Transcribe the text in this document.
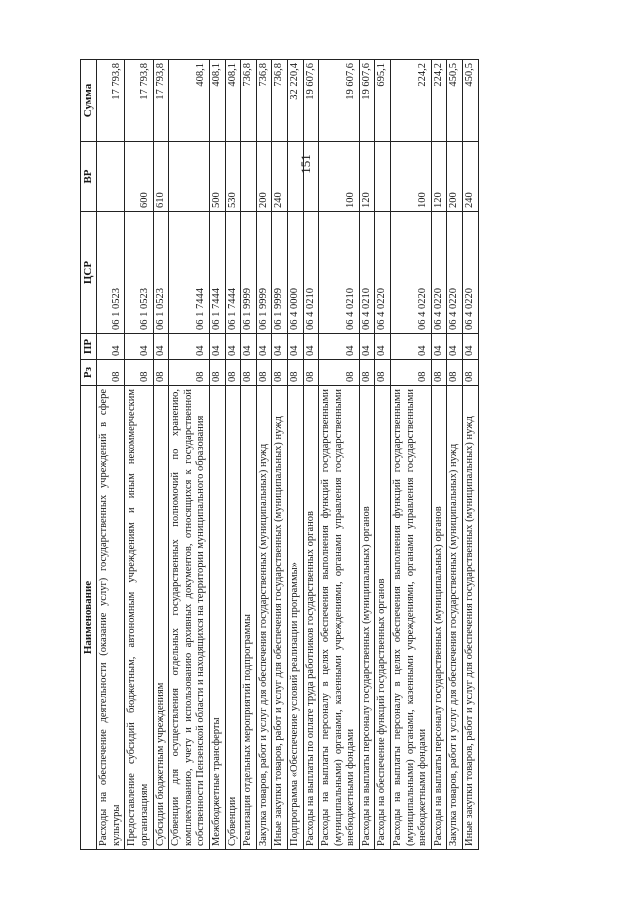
151
Наименование	Рз	ПР	ЦСР	ВР	Сумма
Расходы на обеспечение деятельности (оказание услуг) государственных учреждений в сфере культуры	08	04	06 1 0523		17 793,8
Предоставление субсидий бюджетным, автономным учреждениям и иным некоммерческим организациям	08	04	06 1 0523	600	17 793,8
Субсидии бюджетным учреждениям	08	04	06 1 0523	610	17 793,8
Субвенции для осуществления отдельных государственных полномочий по хранению, комплектованию, учету и использованию архивных документов, относящихся к государственной собственности Пензенской области и находящихся на территории муниципального образования	08	04	06 1 7444		408,1
Межбюджетные трансферты	08	04	06 1 7444	500	408,1
Субвенции	08	04	06 1 7444	530	408,1
Реализация отдельных мероприятий подпрограммы	08	04	06 1 9999		736,8
Закупка товаров, работ и услуг для обеспечения государственных (муниципальных) нужд	08	04	06 1 9999	200	736,8
Иные закупки товаров, работ и услуг для обеспечения государственных (муниципальных) нужд	08	04	06 1 9999	240	736,8
Подпрограмма «Обеспечение условий реализации программы»	08	04	06 4 0000		32 220,4
Расходы на выплаты по оплате труда работников государственных органов	08	04	06 4 0210		19 607,6
Расходы на выплаты персоналу в целях обеспечения выполнения функций государственными (муниципальными) органами, казенными учреждениями, органами управления государственными внебюджетными фондами	08	04	06 4 0210	100	19 607,6
Расходы на выплаты персоналу государственных (муниципальных) органов	08	04	06 4 0210	120	19 607,6
Расходы на обеспечение функций государственных органов	08	04	06 4 0220		695,1
Расходы на выплаты персоналу в целях обеспечения выполнения функций государственными (муниципальными) органами, казенными учреждениями, органами управления государственными внебюджетными фондами	08	04	06 4 0220	100	224,2
Расходы на выплаты персоналу государственных (муниципальных) органов	08	04	06 4 0220	120	224,2
Закупка товаров, работ и услуг для обеспечения государственных (муниципальных) нужд	08	04	06 4 0220	200	450,5
Иные закупки товаров, работ и услуг для обеспечения государственных (муниципальных) нужд	08	04	06 4 0220	240	450,5
